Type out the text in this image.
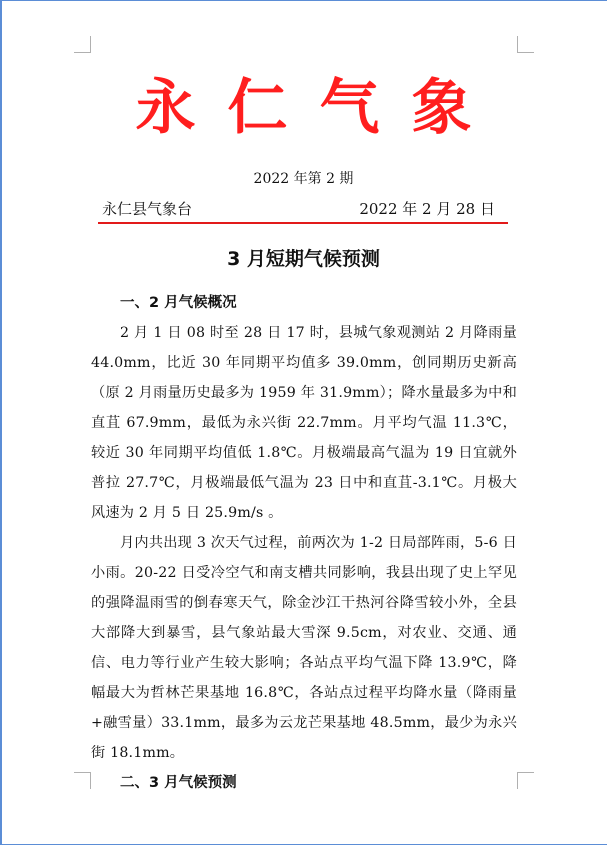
永仁气象
2022 年第 2 期
永仁县气象台	2022 年 2 月 28 日
3 月短期气候预测

一、2 月气候概况

2 月 1 日 08 时至 28 日 17 时，县城气象观测站 2 月降雨量 44.0mm，比近 30 年同期平均值多 39.0mm，创同期历史新高（原 2 月雨量历史最多为 1959 年 31.9mm）；降水量最多为中和直苴 67.9mm，最低为永兴街 22.7mm。月平均气温 11.3℃，较近 30 年同期平均值低 1.8℃。月极端最高气温为 19 日宜就外普拉 27.7℃，月极端最低气温为 23 日中和直苴-3.1℃。月极大风速为 2 月 5 日 25.9m/s 。

月内共出现 3 次天气过程，前两次为 1-2 日局部阵雨，5-6 日小雨。20-22 日受冷空气和南支槽共同影响，我县出现了史上罕见的强降温雨雪的倒春寒天气，除金沙江干热河谷降雪较小外，全县大部降大到暴雪，县气象站最大雪深 9.5cm，对农业、交通、通信、电力等行业产生较大影响；各站点平均气温下降 13.9℃，降幅最大为哲林芒果基地 16.8℃，各站点过程平均降水量（降雨量+融雪量）33.1mm，最多为云龙芒果基地 48.5mm，最少为永兴街 18.1mm。

二、3 月气候预测
